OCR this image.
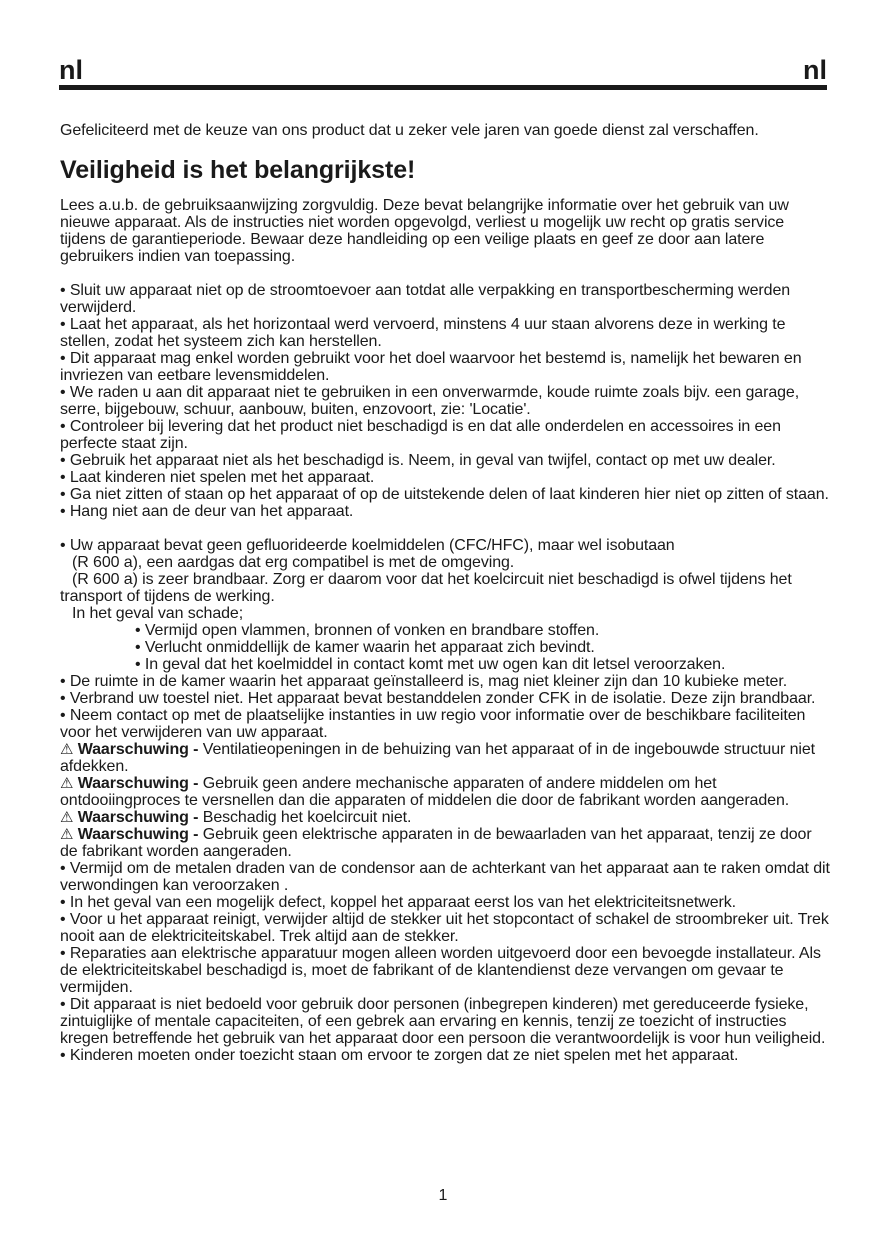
nl	nl

Gefeliciteerd met de keuze van ons product dat u zeker vele jaren van goede dienst zal verschaffen.

Veiligheid is het belangrijkste!

Lees a.u.b. de gebruiksaanwijzing zorgvuldig. Deze bevat belangrijke informatie over het gebruik van uw nieuwe apparaat. Als de instructies niet worden opgevolgd, verliest u mogelijk uw recht op gratis service tijdens de garantieperiode. Bewaar deze handleiding op een veilige plaats en geef ze door aan latere gebruikers indien van toepassing.

• Sluit uw apparaat niet op de stroomtoevoer aan totdat alle verpakking en transportbescherming werden verwijderd.

• Laat het apparaat, als het horizontaal werd vervoerd, minstens 4 uur staan alvorens deze in werking te stellen, zodat het systeem zich kan herstellen.

• Dit apparaat mag enkel worden gebruikt voor het doel waarvoor het bestemd is, namelijk het bewaren en invriezen van eetbare levensmiddelen.

• We raden u aan dit apparaat niet te gebruiken in een onverwarmde, koude ruimte zoals bijv. een garage, serre, bijgebouw, schuur, aanbouw, buiten, enzovoort, zie: 'Locatie'.

• Controleer bij levering dat het product niet beschadigd is en dat alle onderdelen en accessoires in een perfecte staat zijn.

• Gebruik het apparaat niet als het beschadigd is. Neem, in geval van twijfel, contact op met uw dealer.

• Laat kinderen niet spelen met het apparaat.

• Ga niet zitten of staan op het apparaat of op de uitstekende delen of laat kinderen hier niet op zitten of staan.

• Hang niet aan de deur van het apparaat.

• Uw apparaat bevat geen gefluorideerde koelmiddelen (CFC/HFC), maar wel isobutaan

(R 600 a), een aardgas dat erg compatibel is met de omgeving.

(R 600 a) is zeer brandbaar. Zorg er daarom voor dat het koelcircuit niet beschadigd is ofwel tijdens het transport of tijdens de werking.

In het geval van schade;

• Vermijd open vlammen, bronnen of vonken en brandbare stoffen.

• Verlucht onmiddellijk de kamer waarin het apparaat zich bevindt.

• In geval dat het koelmiddel in contact komt met uw ogen kan dit letsel veroorzaken.

• De ruimte in de kamer waarin het apparaat geïnstalleerd is, mag niet kleiner zijn dan 10 kubieke meter.

• Verbrand uw toestel niet. Het apparaat bevat bestanddelen zonder CFK in de isolatie. Deze zijn brandbaar.

• Neem contact op met de plaatselijke instanties in uw regio voor informatie over de beschikbare faciliteiten voor het verwijderen van uw apparaat.

⚠ Waarschuwing - Ventilatieopeningen in de behuizing van het apparaat of in de ingebouwde structuur niet afdekken.

⚠ Waarschuwing - Gebruik geen andere mechanische apparaten of andere middelen om het ontdooiingproces te versnellen dan die apparaten of middelen die door de fabrikant worden aangeraden.

⚠ Waarschuwing - Beschadig het koelcircuit niet.

⚠ Waarschuwing - Gebruik geen elektrische apparaten in de bewaarladen van het apparaat, tenzij ze door de fabrikant worden aangeraden.

• Vermijd om de metalen draden van de condensor aan de achterkant van het apparaat aan te raken omdat dit verwondingen kan veroorzaken .

• In het geval van een mogelijk defect, koppel het apparaat eerst los van het elektriciteitsnetwerk.

• Voor u het apparaat reinigt, verwijder altijd de stekker uit het stopcontact of schakel de stroombreker uit. Trek nooit aan de elektriciteitskabel. Trek altijd aan de stekker.

• Reparaties aan elektrische apparatuur mogen alleen worden uitgevoerd door een bevoegde installateur. Als de elektriciteitskabel beschadigd is, moet de fabrikant of de klantendienst deze vervangen om gevaar te vermijden.

• Dit apparaat is niet bedoeld voor gebruik door personen (inbegrepen kinderen) met gereduceerde fysieke, zintuiglijke of mentale capaciteiten, of een gebrek aan ervaring en kennis, tenzij ze toezicht of instructies kregen betreffende het gebruik van het apparaat door een persoon die verantwoordelijk is voor hun veiligheid.

• Kinderen moeten onder toezicht staan om ervoor te zorgen dat ze niet spelen met het apparaat.

1
